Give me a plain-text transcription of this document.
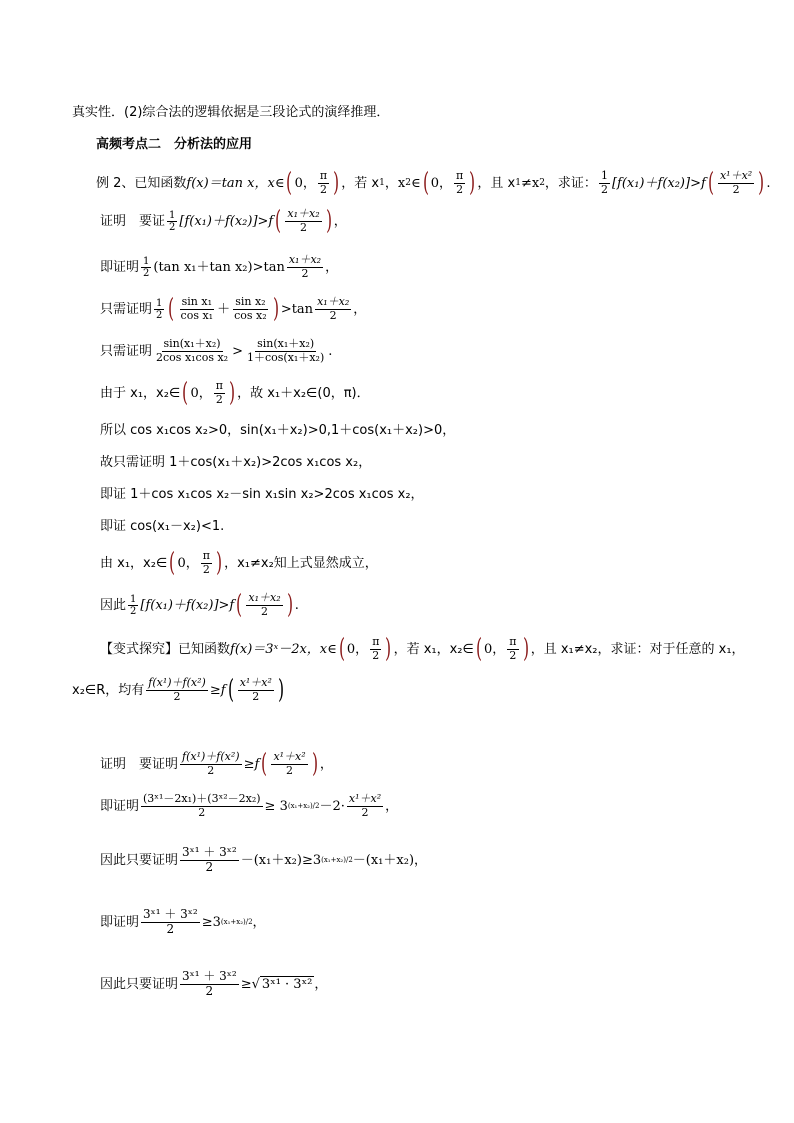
真实性．(2)综合法的逻辑依据是三段论式的演绎推理．
高频考点二　分析法的应用
例 2、已知函数 f(x)＝tan x，x∈ ( 0， $\frac{\pi}{2}$ ) ，若 x 1 ，x 2 ∈ ( 0， $\frac{\pi}{2}$ ) ，且 x 1 ≠x 2 ，求证： $\frac{1}{2} [f(x_1)+f(x_2)]>f$ ( $\frac{\text{x¹＋x²}}{2}$ ) .
证明　要证 $\frac{1}{2} [f(x_1)+f(x_2)]>f$ ( $\frac{\text{x₁＋x₂}}{2}$ ) ，
即证明 $\frac{1}{2} (\tan$ x₁＋tan $x_2)>\tan \frac{\text{x₁＋x₂}}{2}$ ，
只需证明 $\frac{1}{2}$ ( $\frac{\text{sin x₁}}{\text{cos x₁}} + \frac{\text{sin x₂}}{\text{cos x₂}}$ ) $>\tan \frac{\text{x₁＋x₂}}{2}$ ，
只需证明 $\frac{\text{sin(x₁＋x₂)}}{\text{2cos x₁cos x₂}} > \frac{\text{sin(x₁＋x₂)}}{\text{1＋cos(x₁＋x₂)}}$ .
由于 x₁，x₂∈ ( 0， $\frac{\pi}{2}$ ) ，故 x₁＋x₂∈(0，π)．
所以 cos x₁cos x₂>0，sin(x₁＋x₂)>0,1＋cos(x₁＋x₂)>0，
故只需证明 1＋cos(x₁＋x₂)>2cos x₁cos x₂，
即证 1＋cos x₁cos x₂－sin x₁sin x₂>2cos x₁cos x₂，
即证 cos(x₁－x₂)<1.
由 x₁，x₂∈ ( 0， $\frac{\pi}{2}$ ) ，x₁≠x₂知上式显然成立，
因此 $\frac{1}{2} [f(x_1)+f(x_2)]>f$ ( $\frac{\text{x₁＋x₂}}{2}$ ) .
【变式探究】已知函数 f(x)＝3ˣ－2x，x∈ ( 0， $\frac{\pi}{2}$ ) ，若 x₁，x₂∈ ( 0， $\frac{\pi}{2}$ ) ，且 x₁≠x₂，求证：对于任意的 x₁，
x₂∈R，均有 $\frac{\text{f(x¹)＋f(x²)}}{2} \ge f$ ( $\frac{\text{x¹＋x²}}{2}$ )
证明　要证明 $\frac{\text{f(x¹)＋f(x²)}}{2} \ge f$ ( $\frac{\text{x¹＋x²}}{2}$ ) ，
即证明 $\frac{\text{(3ˣ¹－2x₁)＋(3ˣ²－2x₂)}}{2} \ge 3$ $(x_1+x_2)/2 -2\cdot \frac{\text{x¹＋x²}}{2}$ ，
因此只要证明 $\frac{\text{3ˣ¹ ＋ 3ˣ²}}{2} -(x_1+x_2)\ge 3$ (x₁+x₂)/2 －(x₁＋x₂)，
即证明 $\frac{\text{3ˣ¹ ＋ 3ˣ²}}{2} \ge 3$ (x₁+x₂)/2 ，
因此只要证明 $\frac{\text{3ˣ¹ ＋ 3ˣ²}}{2}$ ≥ √ 3ˣ¹ · 3ˣ² ，
